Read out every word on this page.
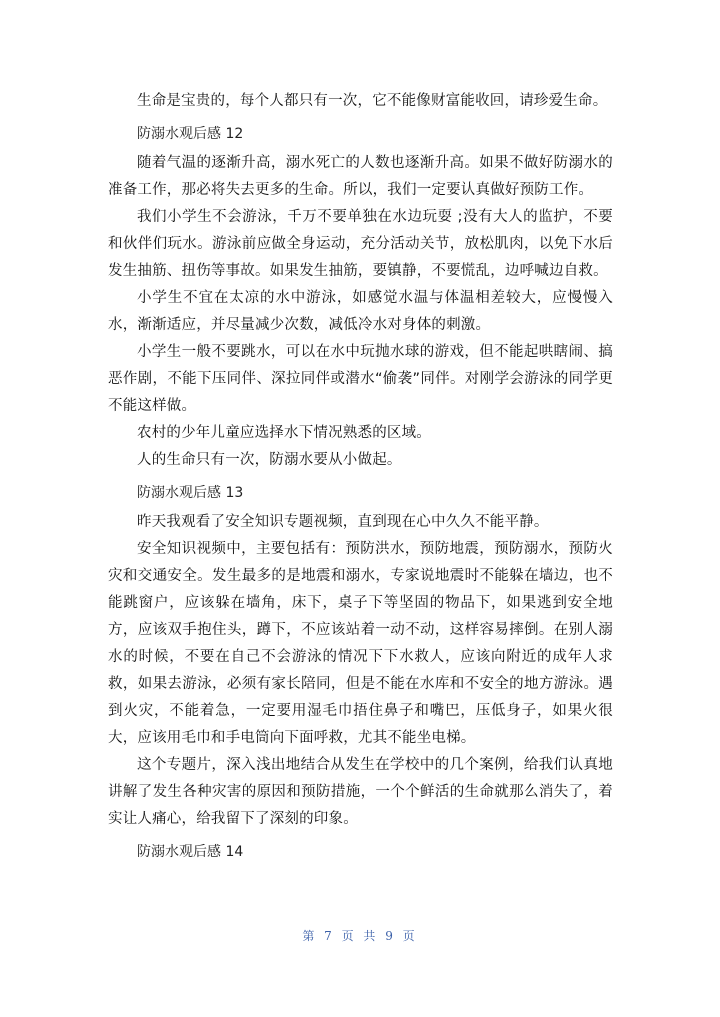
生命是宝贵的，每个人都只有一次，它不能像财富能收回，请珍爱生命。

防溺水观后感 12

随着气温的逐渐升高，溺水死亡的人数也逐渐升高。如果不做好防溺水的准备工作，那必将失去更多的生命。所以，我们一定要认真做好预防工作。

我们小学生不会游泳，千万不要单独在水边玩耍 ;没有大人的监护，不要和伙伴们玩水。游泳前应做全身运动，充分活动关节，放松肌肉，以免下水后发生抽筋、扭伤等事故。如果发生抽筋，要镇静，不要慌乱，边呼喊边自救。

小学生不宜在太凉的水中游泳，如感觉水温与体温相差较大，应慢慢入水，渐渐适应，并尽量减少次数，减低冷水对身体的刺激。

小学生一般不要跳水，可以在水中玩抛水球的游戏，但不能起哄瞎闹、搞恶作剧，不能下压同伴、深拉同伴或潜水“偷袭”同伴。对刚学会游泳的同学更不能这样做。

农村的少年儿童应选择水下情况熟悉的区域。

人的生命只有一次，防溺水要从小做起。

防溺水观后感 13

昨天我观看了安全知识专题视频，直到现在心中久久不能平静。

安全知识视频中，主要包括有：预防洪水，预防地震，预防溺水，预防火灾和交通安全。发生最多的是地震和溺水，专家说地震时不能躲在墙边，也不能跳窗户，应该躲在墙角，床下，桌子下等坚固的物品下，如果逃到安全地方，应该双手抱住头，蹲下，不应该站着一动不动，这样容易摔倒。在别人溺水的时候，不要在自己不会游泳的情况下下水救人，应该向附近的成年人求救，如果去游泳，必须有家长陪同，但是不能在水库和不安全的地方游泳。遇到火灾，不能着急，一定要用湿毛巾捂住鼻子和嘴巴，压低身子，如果火很大，应该用毛巾和手电筒向下面呼救，尤其不能坐电梯。

这个专题片，深入浅出地结合从发生在学校中的几个案例，给我们认真地讲解了发生各种灾害的原因和预防措施，一个个鲜活的生命就那么消失了，着实让人痛心，给我留下了深刻的印象。

防溺水观后感 14

第 7 页 共 9 页
